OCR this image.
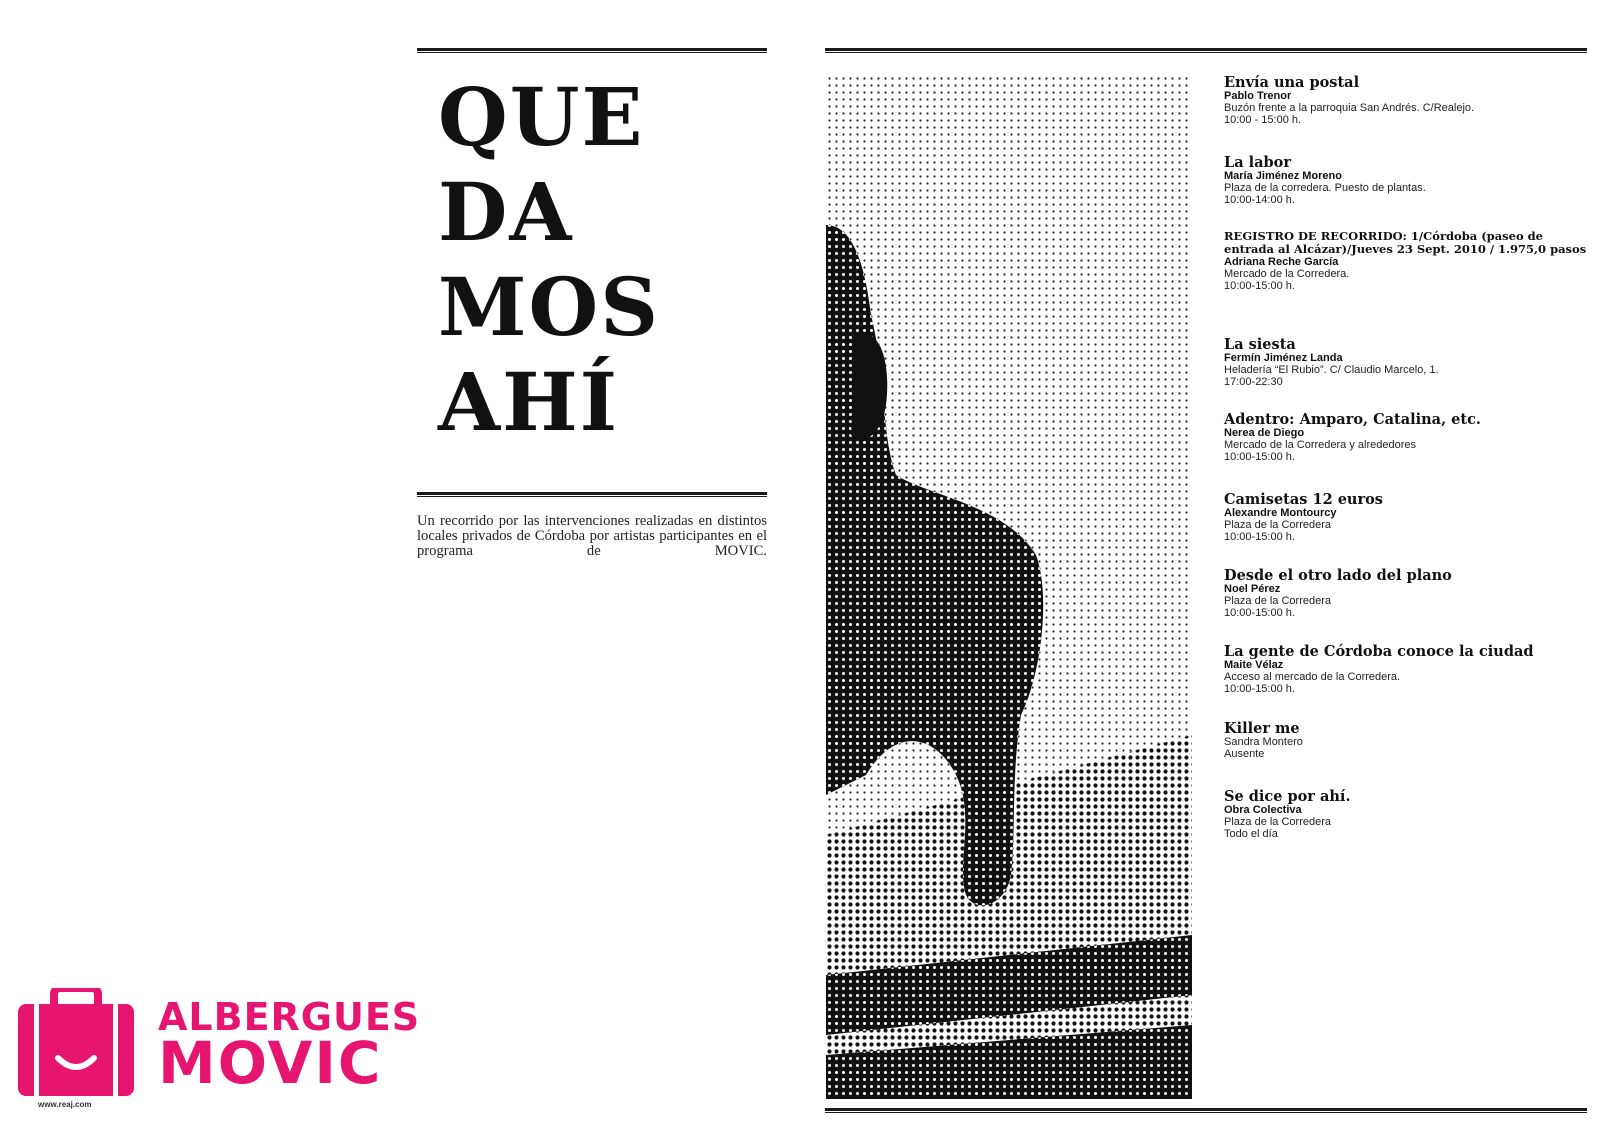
QUE
DA
MOS
AHÍ

Un recorrido por las intervenciones realizadas en distintos locales privados de Córdoba por artistas participantes en el programa de MOVIC.

Envía una postal
Pablo Trenor
Buzón frente a la parroquia San Andrés. C/Realejo.
10:00 - 15:00 h.
La labor
María Jiménez Moreno
Plaza de la corredera. Puesto de plantas.
10:00-14:00 h.
REGISTRO DE RECORRIDO: 1/Córdoba (paseo de entrada al Alcázar)/Jueves 23 Sept. 2010 / 1.975,0 pasos
Adriana Reche García
Mercado de la Corredera.
10:00-15:00 h.
La siesta
Fermín Jiménez Landa
Heladería “El Rubio”. C/ Claudio Marcelo, 1.
17:00-22:30
Adentro: Amparo, Catalina, etc.
Nerea de Diego
Mercado de la Corredera y alrededores
10:00-15:00 h.
Camisetas 12 euros
Alexandre Montourcy
Plaza de la Corredera
10:00-15:00 h.
Desde el otro lado del plano
Noel Pérez
Plaza de la Corredera
10:00-15:00 h.
La gente de Córdoba conoce la ciudad
Maite Vélaz
Acceso al mercado de la Corredera.
10:00-15:00 h.
Killer me
Sandra Montero
Ausente
Se dice por ahí.
Obra Colectiva
Plaza de la Corredera
Todo el día

ALBERGUES
MOVIC

www.reaj.com
